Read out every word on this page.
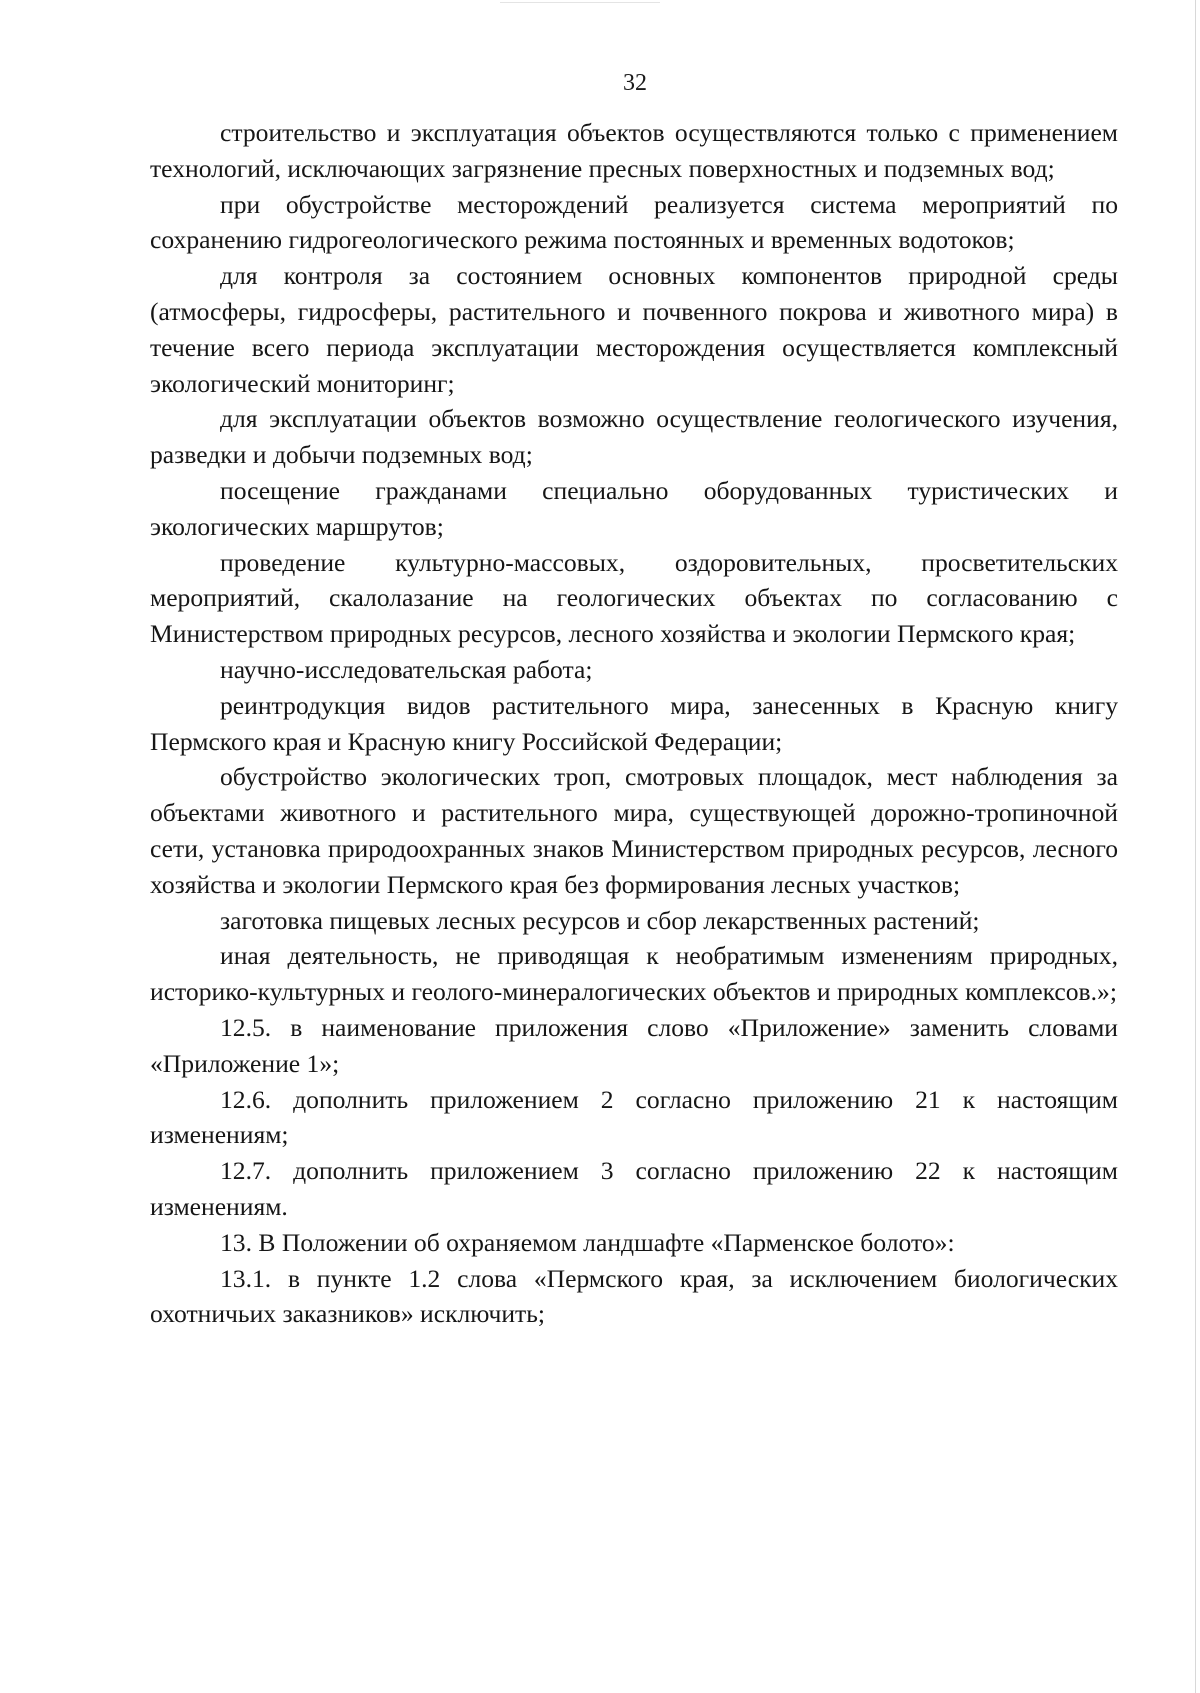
32

строительство и эксплуатация объектов осуществляются только с применением технологий, исключающих загрязнение пресных поверхностных и подземных вод;

при обустройстве месторождений реализуется система мероприятий по сохранению гидрогеологического режима постоянных и временных водотоков;

для контроля за состоянием основных компонентов природной среды (атмосферы, гидросферы, растительного и почвенного покрова и животного мира) в течение всего периода эксплуатации месторождения осуществляется комплексный экологический мониторинг;

для эксплуатации объектов возможно осуществление геологического изучения, разведки и добычи подземных вод;

посещение гражданами специально оборудованных туристических и экологических маршрутов;

проведение культурно-массовых, оздоровительных, просветительских мероприятий, скалолазание на геологических объектах по согласованию с Министерством природных ресурсов, лесного хозяйства и экологии Пермского края;

научно-исследовательская работа;

реинтродукция видов растительного мира, занесенных в Красную книгу Пермского края и Красную книгу Российской Федерации;

обустройство экологических троп, смотровых площадок, мест наблюдения за объектами животного и растительного мира, существующей дорожно-тропиночной сети, установка природоохранных знаков Министерством природных ресурсов, лесного хозяйства и экологии Пермского края без формирования лесных участков;

заготовка пищевых лесных ресурсов и сбор лекарственных растений;

иная деятельность, не приводящая к необратимым изменениям природных, историко-культурных и геолого-минералогических объектов и природных комплексов.»;

12.5. в наименование приложения слово «Приложение» заменить словами «Приложение 1»;

12.6. дополнить приложением 2 согласно приложению 21 к настоящим изменениям;

12.7. дополнить приложением 3 согласно приложению 22 к настоящим изменениям.

13. В Положении об охраняемом ландшафте «Парменское болото»:

13.1. в пункте 1.2 слова «Пермского края, за исключением биологических охотничьих заказников» исключить;
